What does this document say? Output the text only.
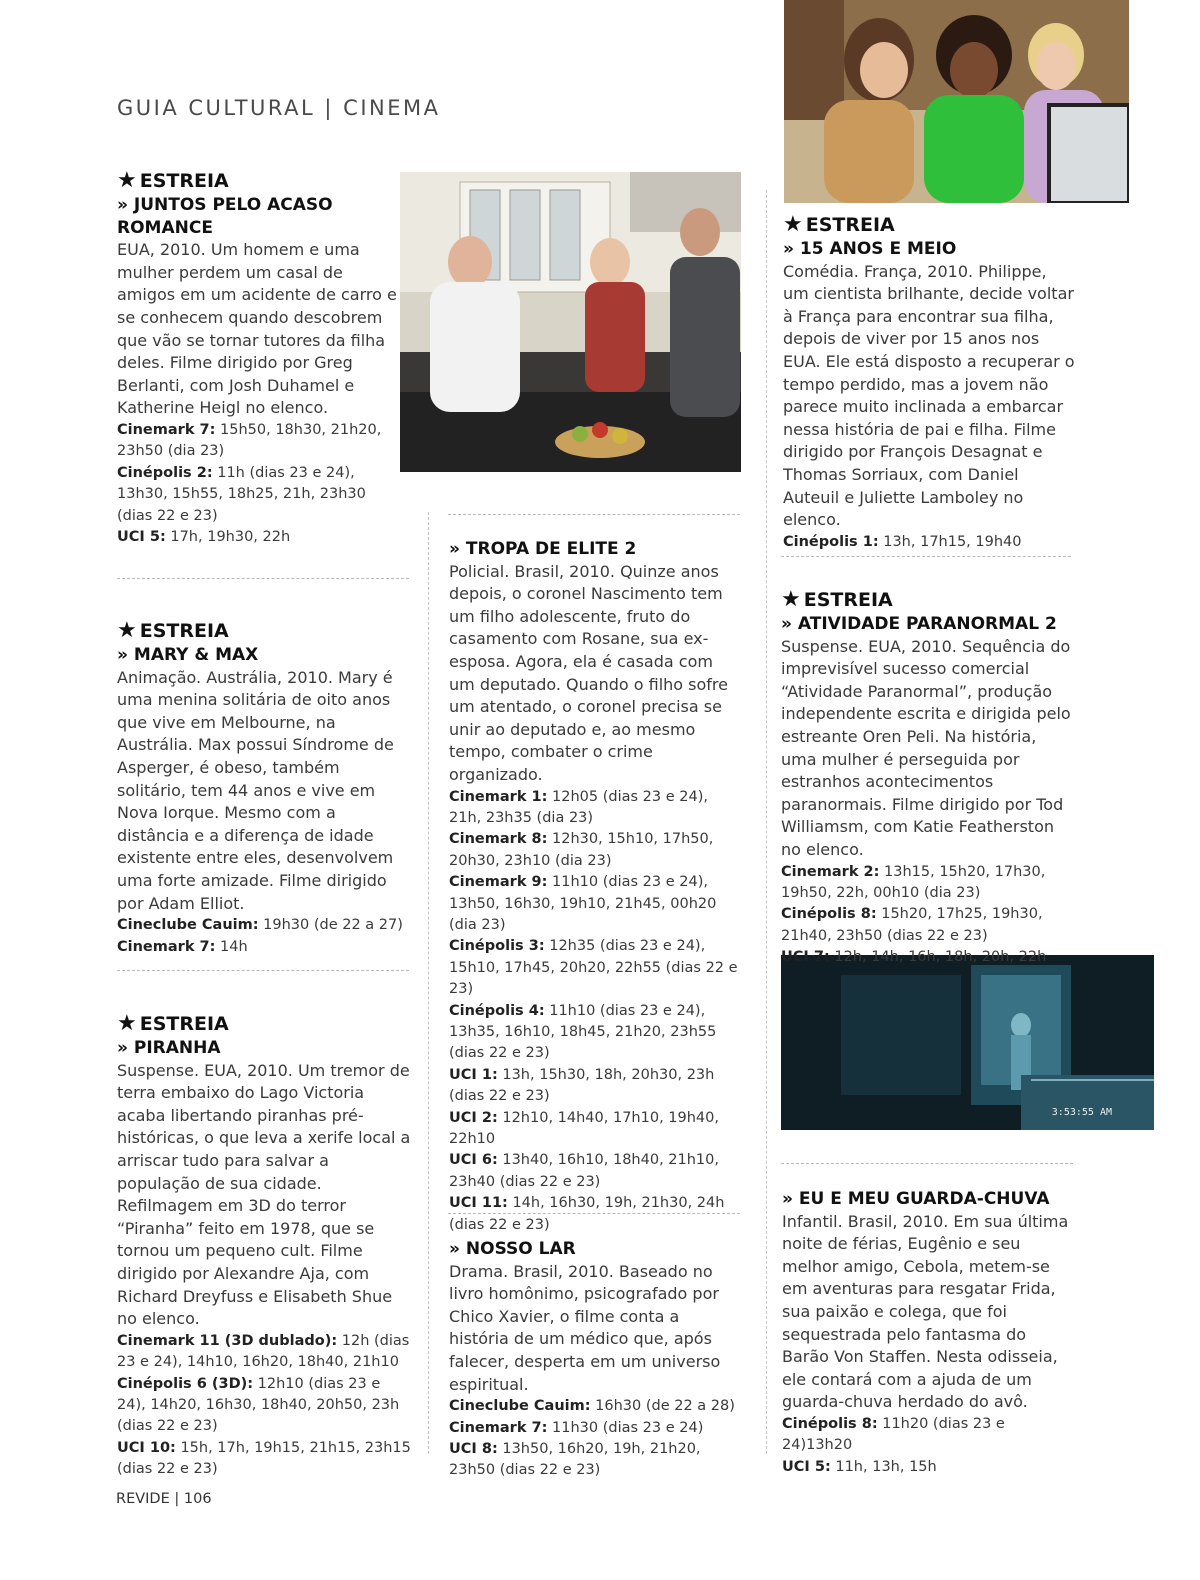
GUIA CULTURAL | CINEMA
3:53:55 AM
★ ESTREIA
» JUNTOS PELO ACASO ROMANCE
EUA, 2010. Um homem e uma mulher perdem um casal de amigos em um acidente de carro e se conhecem quando descobrem que vão se tornar tutores da filha deles. Filme dirigido por Greg Berlanti, com Josh Duhamel e Katherine Heigl no elenco.
Cinemark 7: 15h50, 18h30, 21h20, 23h50 (dia 23)
Cinépolis 2: 11h (dias 23 e 24), 13h30, 15h55, 18h25, 21h, 23h30 (dias 22 e 23)
UCI 5: 17h, 19h30, 22h
★ ESTREIA
» MARY & MAX
Animação. Austrália, 2010. Mary é uma menina solitária de oito anos que vive em Melbourne, na Austrália. Max possui Síndrome de Asperger, é obeso, também solitário, tem 44 anos e vive em Nova Iorque. Mesmo com a distância e a diferença de idade existente entre eles, desenvolvem uma forte amizade. Filme dirigido por Adam Elliot.
Cineclube Cauim: 19h30 (de 22 a 27)
Cinemark 7: 14h
★ ESTREIA
» PIRANHA
Suspense. EUA, 2010. Um tremor de terra embaixo do Lago Victoria acaba libertando piranhas pré-históricas, o que leva a xerife local a arriscar tudo para salvar a população de sua cidade. Refilmagem em 3D do terror “Piranha” feito em 1978, que se tornou um pequeno cult. Filme dirigido por Alexandre Aja, com Richard Dreyfuss e Elisabeth Shue no elenco.
Cinemark 11 (3D dublado): 12h (dias 23 e 24), 14h10, 16h20, 18h40, 21h10
Cinépolis 6 (3D): 12h10 (dias 23 e 24), 14h20, 16h30, 18h40, 20h50, 23h (dias 22 e 23)
UCI 10: 15h, 17h, 19h15, 21h15, 23h15 (dias 22 e 23)
» TROPA DE ELITE 2
Policial. Brasil, 2010. Quinze anos depois, o coronel Nascimento tem um filho adolescente, fruto do casamento com Rosane, sua ex-esposa. Agora, ela é casada com um deputado. Quando o filho sofre um atentado, o coronel precisa se unir ao deputado e, ao mesmo tempo, combater o crime organizado.
Cinemark 1: 12h05 (dias 23 e 24), 21h, 23h35 (dia 23)
Cinemark 8: 12h30, 15h10, 17h50, 20h30, 23h10 (dia 23)
Cinemark 9: 11h10 (dias 23 e 24), 13h50, 16h30, 19h10, 21h45, 00h20 (dia 23)
Cinépolis 3: 12h35 (dias 23 e 24), 15h10, 17h45, 20h20, 22h55 (dias 22 e 23)
Cinépolis 4: 11h10 (dias 23 e 24), 13h35, 16h10, 18h45, 21h20, 23h55 (dias 22 e 23)
UCI 1: 13h, 15h30, 18h, 20h30, 23h (dias 22 e 23)
UCI 2: 12h10, 14h40, 17h10, 19h40, 22h10
UCI 6: 13h40, 16h10, 18h40, 21h10, 23h40 (dias 22 e 23)
UCI 11: 14h, 16h30, 19h, 21h30, 24h (dias 22 e 23)
» NOSSO LAR
Drama. Brasil, 2010. Baseado no livro homônimo, psicografado por Chico Xavier, o filme conta a história de um médico que, após falecer, desperta em um universo espiritual.
Cineclube Cauim: 16h30 (de 22 a 28)
Cinemark 7: 11h30 (dias 23 e 24)
UCI 8: 13h50, 16h20, 19h, 21h20, 23h50 (dias 22 e 23)
★ ESTREIA
» 15 ANOS E MEIO
Comédia. França, 2010. Philippe, um cientista brilhante, decide voltar à França para encontrar sua filha, depois de viver por 15 anos nos EUA. Ele está disposto a recuperar o tempo perdido, mas a jovem não parece muito inclinada a embarcar nessa história de pai e filha. Filme dirigido por François Desagnat e Thomas Sorriaux, com Daniel Auteuil e Juliette Lamboley no elenco.
Cinépolis 1: 13h, 17h15, 19h40
★ ESTREIA
» ATIVIDADE PARANORMAL 2
Suspense. EUA, 2010. Sequência do imprevisível sucesso comercial “Atividade Paranormal”, produção independente escrita e dirigida pelo estreante Oren Peli. Na história, uma mulher é perseguida por estranhos acontecimentos paranormais. Filme dirigido por Tod Williamsm, com Katie Featherston no elenco.
Cinemark 2: 13h15, 15h20, 17h30, 19h50, 22h, 00h10 (dia 23)
Cinépolis 8: 15h20, 17h25, 19h30, 21h40, 23h50 (dias 22 e 23)
UCI 7: 12h, 14h, 16h, 18h, 20h, 22h
» EU E MEU GUARDA-CHUVA
Infantil. Brasil, 2010. Em sua última noite de férias, Eugênio e seu melhor amigo, Cebola, metem-se em aventuras para resgatar Frida, sua paixão e colega, que foi sequestrada pelo fantasma do Barão Von Staffen. Nesta odisseia, ele contará com a ajuda de um guarda-chuva herdado do avô.
Cinépolis 8: 11h20 (dias 23 e 24)13h20
UCI 5: 11h, 13h, 15h
REVIDE | 106
